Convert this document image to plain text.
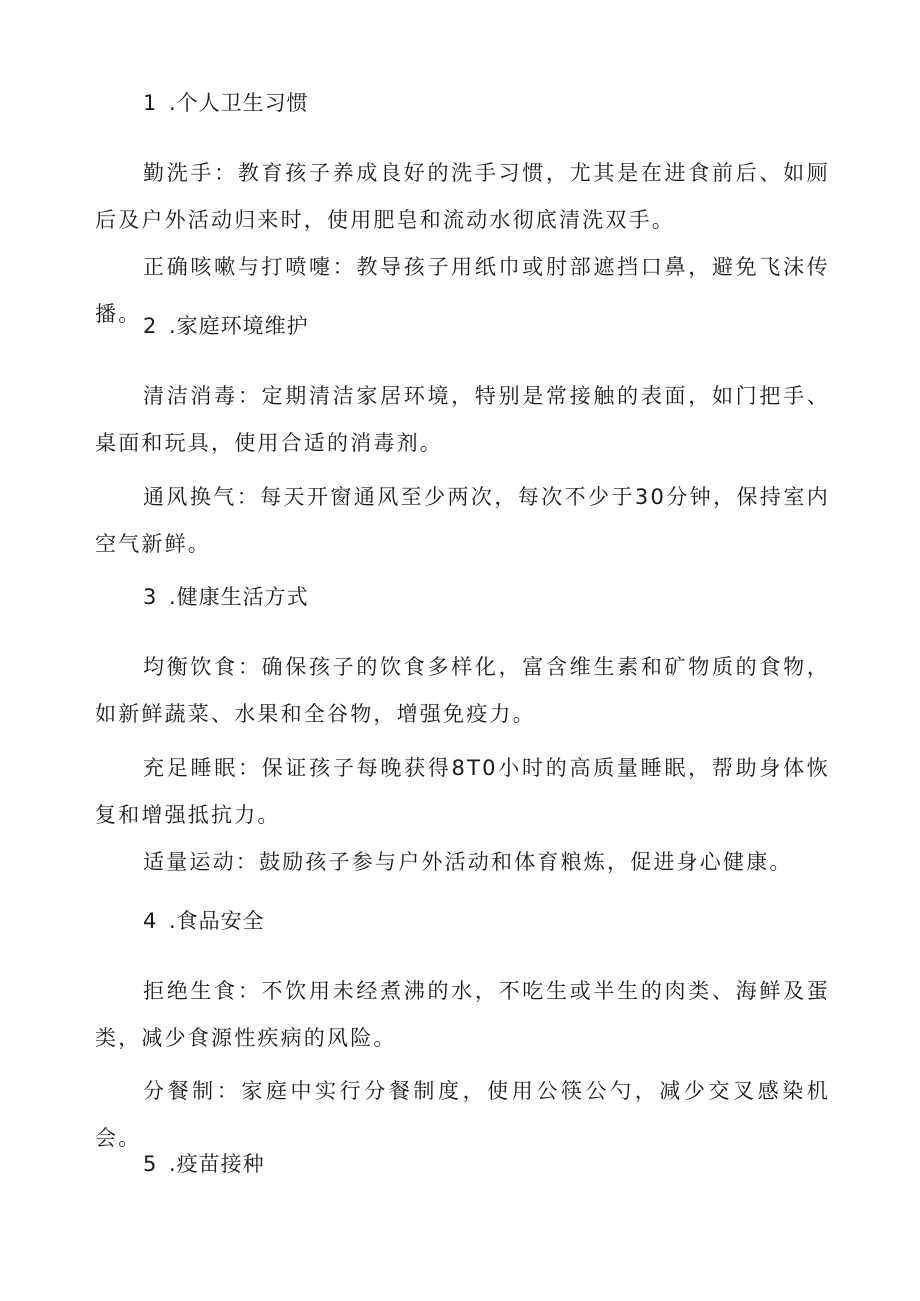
1 .个人卫生习惯

勤洗手：教育孩子养成良好的洗手习惯，尤其是在进食前后、如厕后及户外活动归来时，使用肥皂和流动水彻底清洗双手。

正确咳嗽与打喷嚏：教导孩子用纸巾或肘部遮挡口鼻，避免飞沫传播。 2 .家庭环境维护

清洁消毒：定期清洁家居环境，特别是常接触的表面，如门把手、桌面和玩具，使用合适的消毒剂。

通风换气：每天开窗通风至少两次，每次不少于30分钟，保持室内空气新鲜。

3 .健康生活方式

均衡饮食：确保孩子的饮食多样化，富含维生素和矿物质的食物，如新鲜蔬菜、水果和全谷物，增强免疫力。

充足睡眠：保证孩子每晚获得8T0小时的高质量睡眠，帮助身体恢复和增强抵抗力。

适量运动：鼓励孩子参与户外活动和体育粮炼，促进身心健康。

4 .食品安全

拒绝生食：不饮用未经煮沸的水，不吃生或半生的肉类、海鲜及蛋类，减少食源性疾病的风险。

分餐制：家庭中实行分餐制度，使用公筷公勺，减少交叉感染机会。

5 .疫苗接种
